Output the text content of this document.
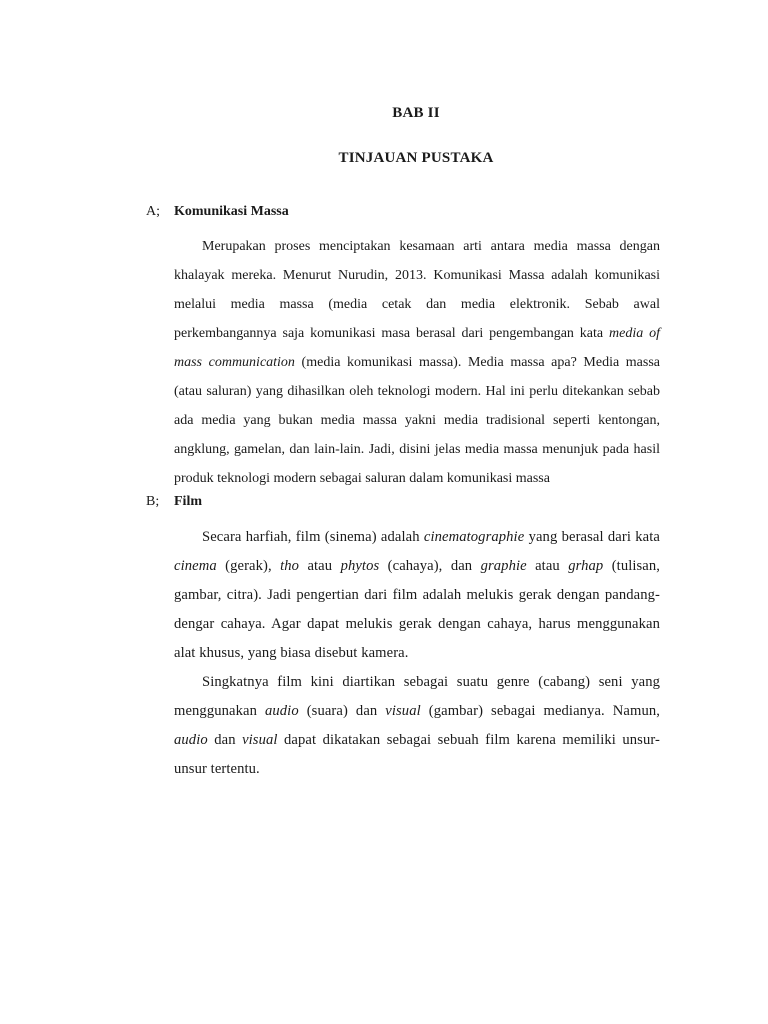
BAB II
TINJAUAN PUSTAKA
A;	Komunikasi Massa

Merupakan proses menciptakan kesamaan arti antara media massa dengan khalayak mereka. Menurut Nurudin, 2013. Komunikasi Massa adalah komunikasi melalui media massa (media cetak dan media elektronik. Sebab awal perkembangannya saja komunikasi masa berasal dari pengembangan kata media of mass communication (media komunikasi massa). Media massa apa? Media massa (atau saluran) yang dihasilkan oleh teknologi modern. Hal ini perlu ditekankan sebab ada media yang bukan media massa yakni media tradisional seperti kentongan, angklung, gamelan, dan lain-lain. Jadi, disini jelas media massa menunjuk pada hasil produk teknologi modern sebagai saluran dalam komunikasi massa

B;	Film

Secara harfiah, film (sinema) adalah cinematographie yang berasal dari kata cinema (gerak), tho atau phytos (cahaya), dan graphie atau grhap (tulisan, gambar, citra). Jadi pengertian dari film adalah melukis gerak dengan pandang-dengar cahaya. Agar dapat melukis gerak dengan cahaya, harus menggunakan alat khusus, yang biasa disebut kamera.

Singkatnya film kini diartikan sebagai suatu genre (cabang) seni yang menggunakan audio (suara) dan visual (gambar) sebagai medianya. Namun, audio dan visual dapat dikatakan sebagai sebuah film karena memiliki unsur-unsur tertentu.
